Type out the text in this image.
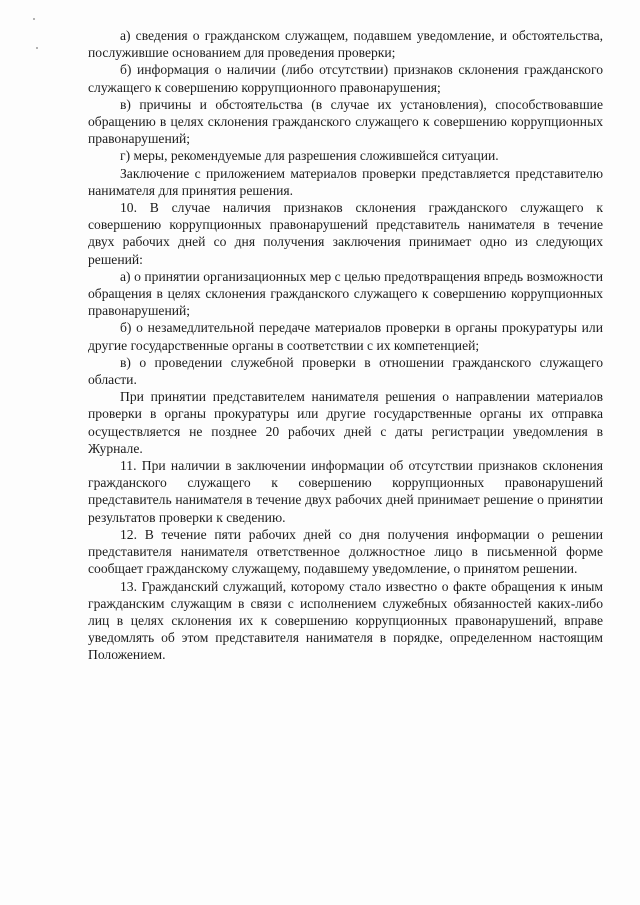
а) сведения о гражданском служащем, подавшем уведомление, и обстоятельства, послужившие основанием для проведения проверки;

б) информация о наличии (либо отсутствии) признаков склонения гражданского служащего к совершению коррупционного правонарушения;

в) причины и обстоятельства (в случае их установления), способствовавшие обращению в целях склонения гражданского служащего к совершению коррупционных правонарушений;

г) меры, рекомендуемые для разрешения сложившейся ситуации.

Заключение с приложением материалов проверки представляется представителю нанимателя для принятия решения.

10. В случае наличия признаков склонения гражданского служащего к совершению коррупционных правонарушений представитель нанимателя в течение двух рабочих дней со дня получения заключения принимает одно из следующих решений:

а) о принятии организационных мер с целью предотвращения впредь возможности обращения в целях склонения гражданского служащего к совершению коррупционных правонарушений;

б) о незамедлительной передаче материалов проверки в органы прокуратуры или другие государственные органы в соответствии с их компетенцией;

в) о проведении служебной проверки в отношении гражданского служащего области.

При принятии представителем нанимателя решения о направлении материалов проверки в органы прокуратуры или другие государственные органы их отправка осуществляется не позднее 20 рабочих дней с даты регистрации уведомления в Журнале.

11. При наличии в заключении информации об отсутствии признаков склонения гражданского служащего к совершению коррупционных правонарушений представитель нанимателя в течение двух рабочих дней принимает решение о принятии результатов проверки к сведению.

12. В течение пяти рабочих дней со дня получения информации о решении представителя нанимателя ответственное должностное лицо в письменной форме сообщает гражданскому служащему, подавшему уведомление, о принятом решении.

13. Гражданский служащий, которому стало известно о факте обращения к иным гражданским служащим в связи с исполнением служебных обязанностей каких-либо лиц в целях склонения их к совершению коррупционных правонарушений, вправе уведомлять об этом представителя нанимателя в порядке, определенном настоящим Положением.
